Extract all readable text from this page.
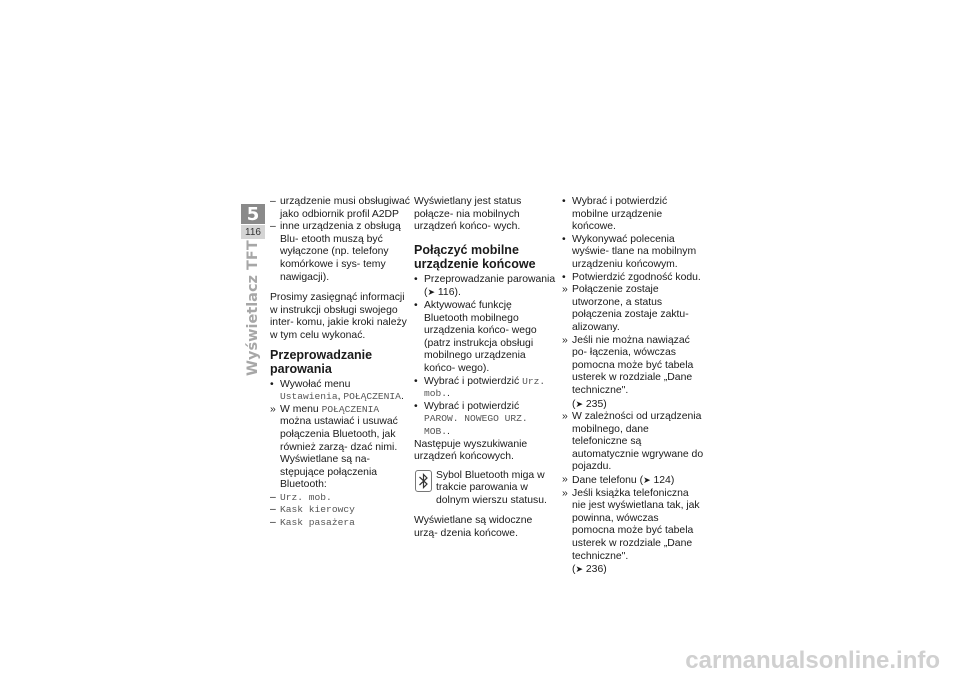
5
116
Wyświetlacz TFT
– urządzenie musi obsługiwać jako odbiornik profil A2DP
– inne urządzenia z obsługą Blu- etooth muszą być wyłączone (np. telefony komórkowe i sys- temy nawigacji).

Prosimy zasięgnąć informacji w instrukcji obsługi swojego inter- komu, jakie kroki należy w tym celu wykonać.

Przeprowadzanie parowania
• Wywołać menu Ustawienia, POŁĄCZENIA.
» W menu POŁĄCZENIA można ustawiać i usuwać połączenia Bluetooth, jak również zarzą- dzać nimi. Wyświetlane są na- stępujące połączenia Bluetooth:
– Urz. mob.
– Kask kierowcy
– Kask pasażera

Wyświetlany jest status połącze- nia mobilnych urządzeń końco- wych.

Połączyć mobilne urządzenie końcowe
• Przeprowadzanie parowania (➤ 116).
• Aktywować funkcję Bluetooth mobilnego urządzenia końco- wego (patrz instrukcja obsługi mobilnego urządzenia końco- wego).
• Wybrać i potwierdzić Urz. mob..
• Wybrać i potwierdzić PAROW. NOWEGO URZ. MOB..

Następuje wyszukiwanie urządzeń końcowych.

Sybol Bluetooth miga w trakcie parowania w dolnym wierszu statusu.

Wyświetlane są widoczne urzą- dzenia końcowe.

• Wybrać i potwierdzić mobilne urządzenie końcowe.
• Wykonywać polecenia wyświe- tlane na mobilnym urządzeniu końcowym.
• Potwierdzić zgodność kodu.
» Połączenie zostaje utworzone, a status połączenia zostaje zaktu- alizowany.
» Jeśli nie można nawiązać po- łączenia, wówczas pomocna może być tabela usterek w rozdziale „Dane techniczne".
(➤ 235)
» W zależności od urządzenia mobilnego, dane telefoniczne są automatycznie wgrywane do pojazdu.
» Dane telefonu (➤ 124)
» Jeśli książka telefoniczna nie jest wyświetlana tak, jak powinna, wówczas pomocna może być tabela usterek w rozdziale „Dane techniczne".
(➤ 236)
carmanualsonline.info
